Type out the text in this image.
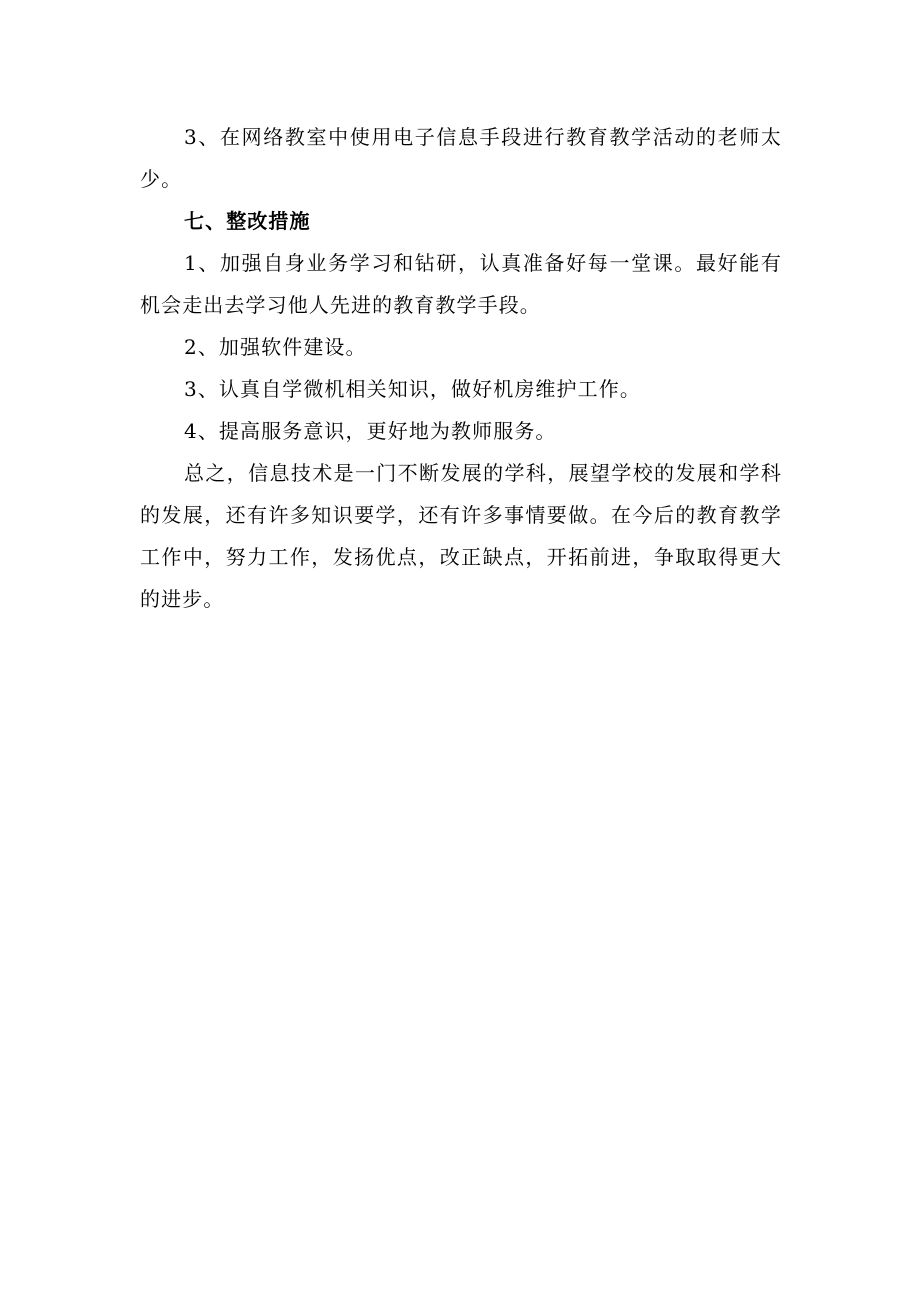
3、在网络教室中使用电子信息手段进行教育教学活动的老师太少。

七、整改措施

1、加强自身业务学习和钻研，认真准备好每一堂课。最好能有机会走出去学习他人先进的教育教学手段。

2、加强软件建设。

3、认真自学微机相关知识，做好机房维护工作。

4、提高服务意识，更好地为教师服务。

总之，信息技术是一门不断发展的学科，展望学校的发展和学科的发展，还有许多知识要学，还有许多事情要做。在今后的教育教学工作中，努力工作，发扬优点，改正缺点，开拓前进，争取取得更大的进步。
